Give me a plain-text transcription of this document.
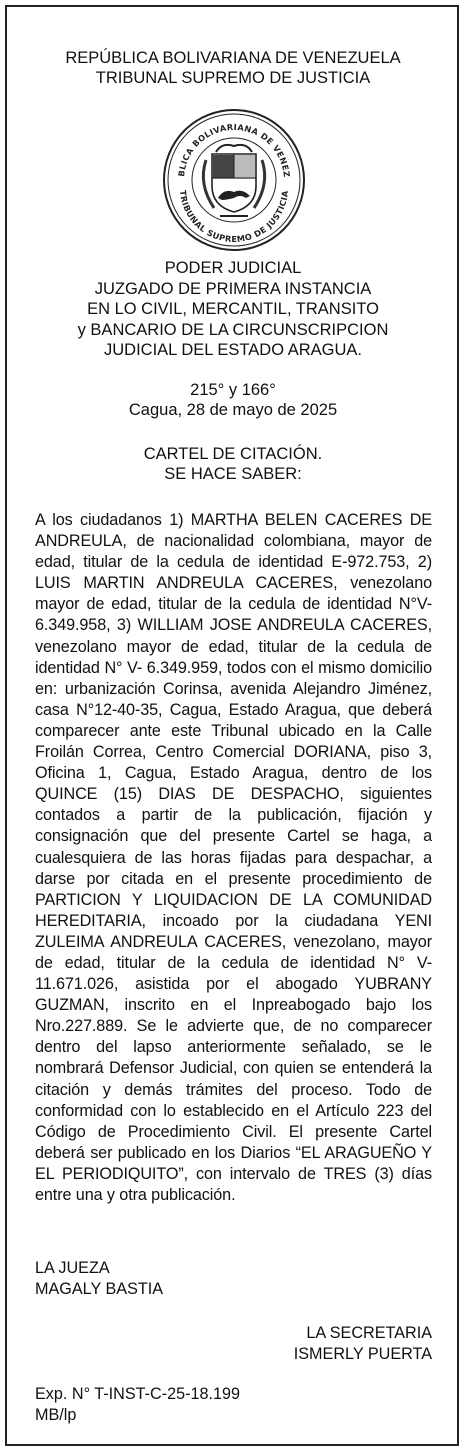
REPÚBLICA BOLIVARIANA DE VENEZUELA
TRIBUNAL SUPREMO DE JUSTICIA
BLICA BOLIVARIANA DE VENEZ
TRIBUNAL SUPREMO DE JUSTICIA
PODER JUDICIAL
JUZGADO DE PRIMERA INSTANCIA
EN LO CIVIL, MERCANTIL, TRANSITO
y BANCARIO DE LA CIRCUNSCRIPCION
JUDICIAL DEL ESTADO ARAGUA.
215° y 166°
Cagua, 28 de mayo de 2025
CARTEL DE CITACIÓN.
SE HACE SABER:
A los ciudadanos 1) MARTHA BELEN CACERES DE ANDREULA, de nacionalidad colombiana, mayor de edad, titular de la cedula de identidad E-972.753, 2) LUIS MARTIN ANDREULA CACERES, venezolano mayor de edad, titular de la cedula de identidad N°V-6.349.958, 3) WILLIAM JOSE ANDREULA CACERES, venezolano mayor de edad, titular de la cedula de identidad N° V- 6.349.959, todos con el mismo domicilio en: urbanización Corinsa, avenida Alejandro Jiménez, casa N°12-40-35, Cagua, Estado Aragua, que deberá comparecer ante este Tribunal ubicado en la Calle Froilán Correa, Centro Comercial DORIANA, piso 3, Oficina 1, Cagua, Estado Aragua, dentro de los QUINCE (15) DIAS DE DESPACHO, siguientes contados a partir de la publicación, fijación y consignación que del presente Cartel se haga, a cualesquiera de las horas fijadas para despachar, a darse por citada en el presente procedimiento de PARTICION Y LIQUIDACION DE LA COMUNIDAD HEREDITARIA, incoado por la ciudadana YENI ZULEIMA ANDREULA CACERES, venezolano, mayor de edad, titular de la cedula de identidad N° V-11.671.026, asistida por el abogado YUBRANY GUZMAN, inscrito en el Inpreabogado bajo los Nro.227.889. Se le advierte que, de no comparecer dentro del lapso anteriormente señalado, se le nombrará Defensor Judicial, con quien se entenderá la citación y demás trámites del proceso. Todo de conformidad con lo establecido en el Artículo 223 del Código de Procedimiento Civil. El presente Cartel deberá ser publicado en los Diarios “EL ARAGUEÑO Y EL PERIODIQUITO”, con intervalo de TRES (3) días entre una y otra publicación.
LA JUEZA
MAGALY BASTIA
LA SECRETARIA
ISMERLY PUERTA
Exp. N° T-INST-C-25-18.199
MB/lp
